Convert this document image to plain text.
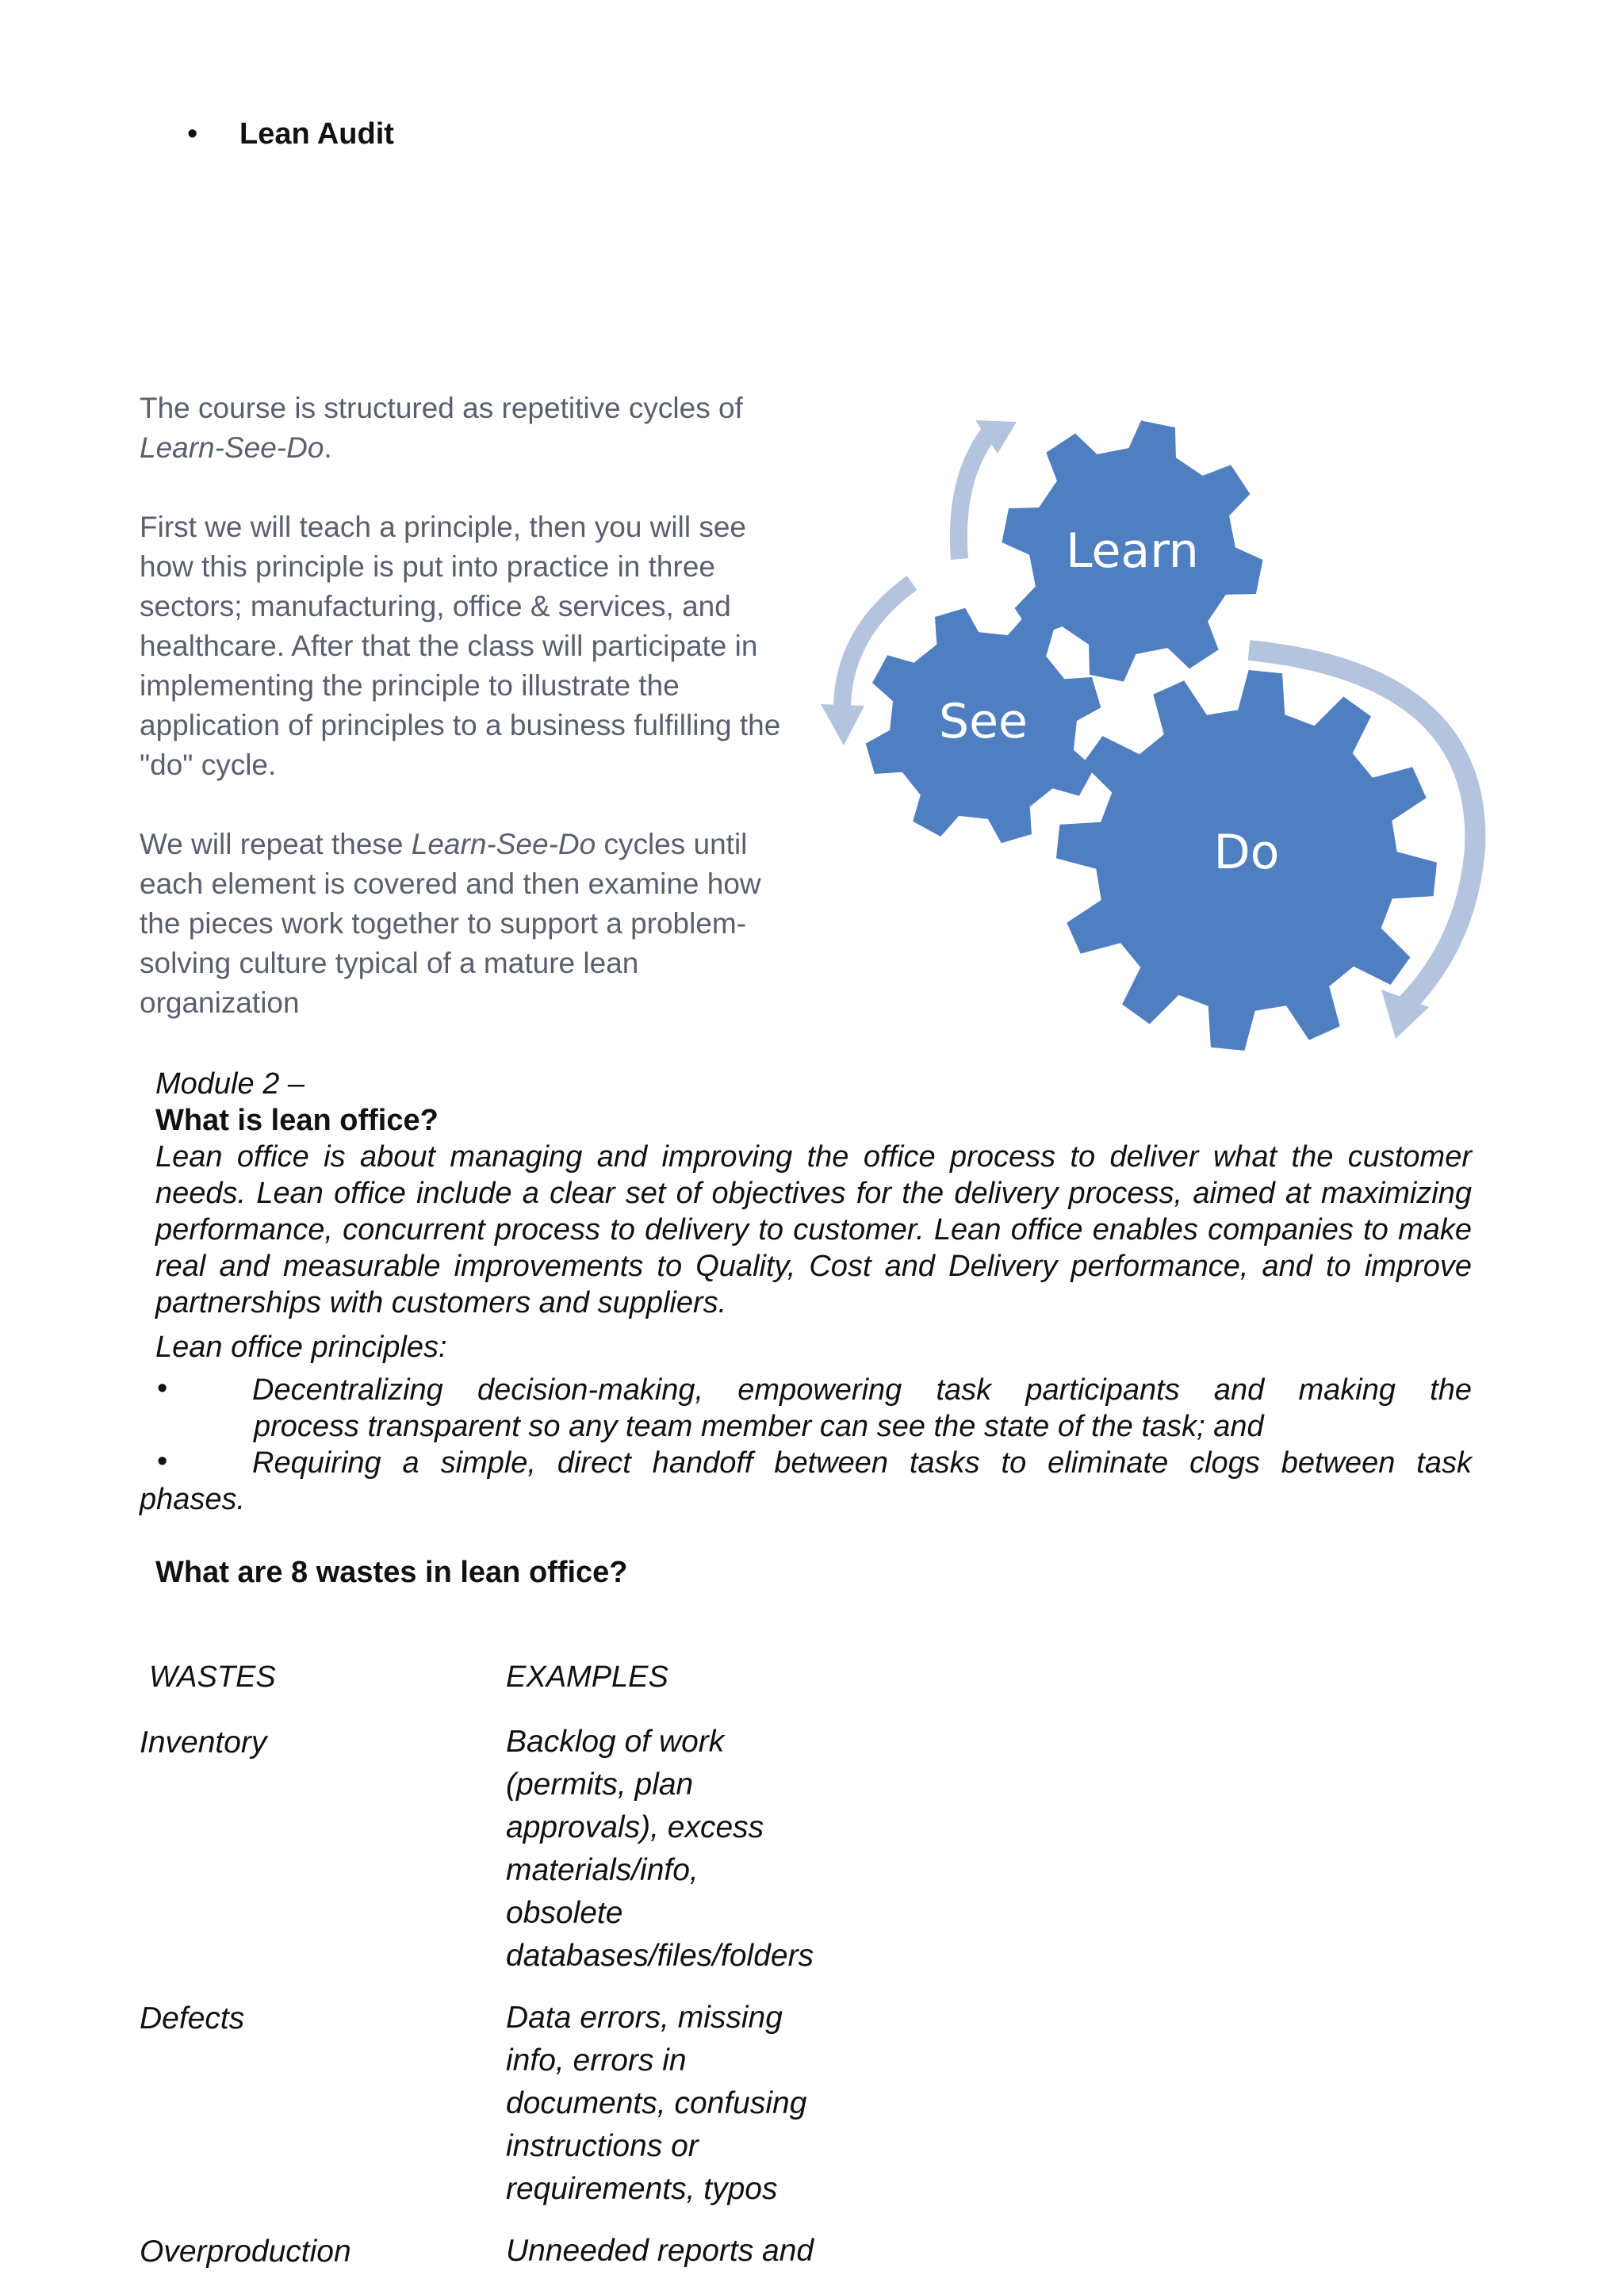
• Lean Audit

The course is structured as repetitive cycles of Learn-See-Do.

First we will teach a principle, then you will see how this principle is put into practice in three sectors; manufacturing, office & services, and healthcare. After that the class will participate in implementing the principle to illustrate the application of principles to a business fulfilling the "do" cycle.

We will repeat these Learn-See-Do cycles until each element is covered and then examine how the pieces work together to support a problem-solving culture typical of a mature lean organization

Learn
See
Do
Module 2 –
What is lean office?
Lean office is about managing and improving the office process to deliver what the customer needs. Lean office include a clear set of objectives for the delivery process, aimed at maximizing performance, concurrent process to delivery to customer. Lean office enables companies to make real and measurable improvements to Quality, Cost and Delivery performance, and to improve partnerships with customers and suppliers.
Lean office principles:
•	Decentralizing decision-making, empowering task participants and making the
process transparent so any team member can see the state of the task; and
•	Requiring a simple, direct handoff between tasks to eliminate clogs between task
phases.
What are 8 wastes in lean office?
WASTES	EXAMPLES
Inventory	Backlog of work
(permits, plan
approvals), excess
materials/info,
obsolete
databases/files/folders
Defects	Data errors, missing
info, errors in
documents, confusing
instructions or
requirements, typos
Overproduction	Unneeded reports and
